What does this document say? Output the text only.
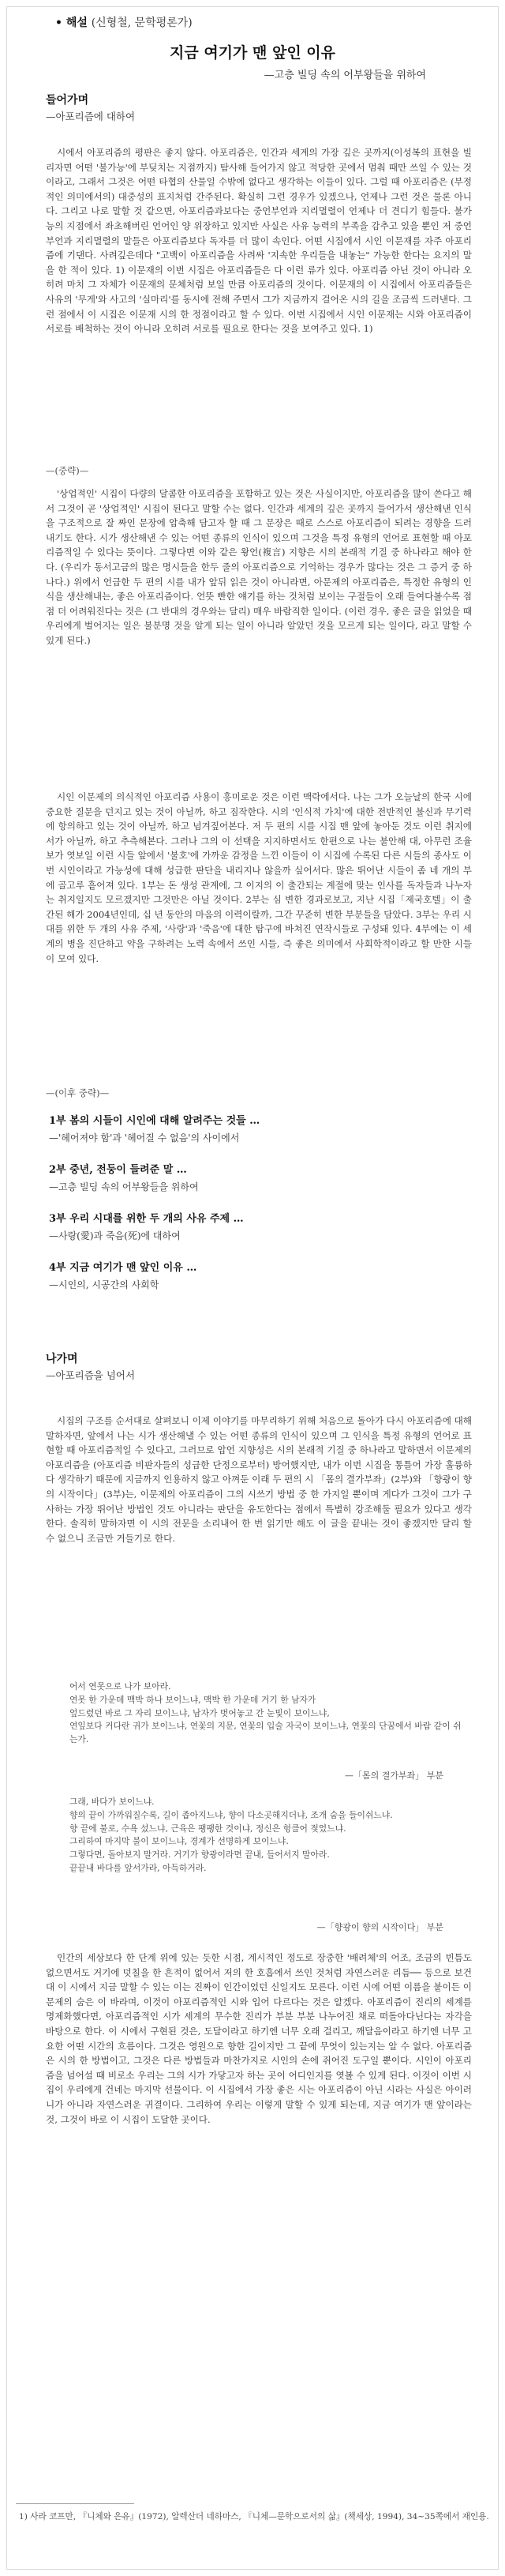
• 해설 (신형철, 문학평론가)
지금 여기가 맨 앞인 이유
—고층 빌딩 속의 어부왕들을 위하여
들어가며
—아포리즘에 대하여

시에서 아포리즘의 평판은 좋지 않다. 아포리즘은, 인간과 세계의 가장 깊은 곳까지(이성복의 표현을 빌리자면 어떤 '불가능'에 부딪치는 지점까지) 탐사해 들어가지 않고 적당한 곳에서 멈춰 때만 쓰일 수 있는 것이라고, 그래서 그것은 어떤 타협의 산물일 수밖에 없다고 생각하는 이들이 있다. 그럴 때 아포리즘은 (부정적인 의미에서의) 대중성의 표지처럼 간주된다. 확실히 그런 경우가 있겠으나, 언제나 그런 것은 물론 아니다. 그리고 나로 말할 것 같으면, 아포리즘과보다는 중언부언과 지리멸렬이 언제나 더 견디기 힘들다. 불가능의 지점에서 좌초해버린 언어인 양 위장하고 있지만 사실은 사유 능력의 부족을 감추고 있을 뿐인 저 중언부언과 지리멸렬의 말들은 아포리즘보다 독자를 더 많이 속인다. 어떤 시집에서 시인 이문재를 자주 아포리즘에 기댄다. 사려깊은데다 "고백이 아포리즘을 사려싸 '지속한 우리들을 내놓는" 가능한 한다는 요지의 말을 한 적이 있다. 1) 이문재의 이번 시집은 아포리즘들은 다 이런 류가 있다. 아포리즘 아닌 것이 아니라 오히려 마치 그 자체가 이문재의 문체처럼 보일 만큼 아포리즘의 것이다. 이문재의 이 시집에서 아포리즘들은 사유의 '무게'와 사고의 '실마리'를 동시에 전해 주면서 그가 지금까지 걸어온 시의 길을 조금씩 드러낸다. 그런 점에서 이 시집은 이문재 시의 한 정점이라고 할 수 있다. 이번 시집에서 시인 이문재는 시와 아포리즘이 서로를 배척하는 것이 아니라 오히려 서로를 필요로 한다는 것을 보여주고 있다. 1)

—(중략)—

'상업적인' 시집이 다량의 달콤한 아포리즘을 포함하고 있는 것은 사실이지만, 아포리즘을 많이 쓴다고 해서 그것이 곧 '상업적인' 시집이 된다고 말할 수는 없다. 인간과 세계의 깊은 곳까지 들어가서 생산해낸 인식을 구조적으로 잘 짜인 문장에 압축해 담고자 할 때 그 문장은 때로 스스로 아포리즘이 되려는 경향을 드러내기도 한다. 시가 생산해낸 수 있는 어떤 종류의 인식이 있으며 그것을 특정 유형의 언어로 표현할 때 아포리즘적일 수 있다는 뜻이다. 그렇다면 이와 같은 왕언(複言) 지향은 시의 본래적 기질 중 하나라고 해야 한다. (우리가 동서고금의 많은 명시들을 한두 줄의 아포리즘으로 기억하는 경우가 많다는 것은 그 증거 중 하나다.) 위에서 언급한 두 편의 시를 내가 앞뒤 읽은 것이 아니라면, 아문제의 아포리즘은, 특정한 유형의 인식을 생산해내는, 좋은 아포리즘이다. 언뜻 빤한 얘기를 하는 것처럼 보이는 구절들이 오래 들여다볼수록 점점 더 어려워진다는 것은 (그 반대의 경우와는 달리) 매우 바람직한 일이다. (이런 경우, 좋은 글을 읽었을 때 우리에게 벌어지는 일은 불분명 것을 알게 되는 일이 아니라 알았던 것을 모르게 되는 일이다, 라고 말할 수 있게 된다.)

시인 이문제의 의식적인 아포리즘 사용이 흥미로운 것은 이런 맥락에서다. 나는 그가 오늘날의 한국 시에 중요한 질문을 던지고 있는 것이 아닐까, 하고 짐작한다. 시의 '인식적 가치'에 대한 전반적인 불신과 무기력에 항의하고 있는 것이 아닐까, 하고 넘겨짚어본다. 저 두 편의 시를 시집 맨 앞에 놓아둔 것도 이런 취지에서가 아닐까, 하고 추측해본다. 그러나 그의 이 선택을 지지하면서도 한편으로 나는 불안해 대, 아무런 조율보가 엿보일 이런 시들 앞에서 '불호'에 가까운 감정을 느낀 이들이 이 시집에 수록된 다른 시들의 종사도 이번 시인이라고 가능성에 대해 성급한 판단을 내리지나 않을까 싶어서다. 많은 뛰어난 시들이 좀 네 개의 부에 골고루 흩어져 있다. 1부는 돈 생성 관계에, 그 이지의 이 출간되는 계절에 맞는 인사를 독자들과 나누자는 취지일지도 모르겠지만 그것만은 아닐 것이다. 2부는 심 변한 경과로보고, 지난 시집「제국호텔」이 출간된 해가 2004년인데, 십 년 동안의 마음의 이력이랄까, 그간 꾸준히 변한 부분들을 담았다. 3부는 우리 시대를 위한 두 개의 사유 주제, '사랑'과 '죽음'에 대한 탐구에 바쳐진 연작시들로 구성돼 있다. 4부에는 이 세계의 병을 진단하고 약을 구하려는 노력 속에서 쓰인 시들, 즉 좋은 의미에서 사회학적이라고 할 만한 시들이 모여 있다.

—(이후 중략)—
1부 봄의 시들이 시인에 대해 알려주는 것들 …
—'헤어져야 함'과 '헤어질 수 없음'의 사이에서
2부 중년, 전둥이 들려준 말 …
—고층 빌딩 속의 어부왕들을 위하여
3부 우리 시대를 위한 두 개의 사유 주제 …
—사랑(愛)과 죽음(死)에 대하여
4부 지금 여기가 맨 앞인 이유 …
—시인의, 시공간의 사회학
나가며
—아포리즘을 넘어서

시집의 구조를 순서대로 살펴보니 이제 이야기를 마무리하기 위해 처음으로 돌아가 다시 아포리즘에 대해 말하자면, 앞에서 나는 시가 생산해낼 수 있는 어떤 종류의 인식이 있으며 그 인식을 특정 유형의 언어로 표현할 때 아포리즘적일 수 있다고, 그러므로 압언 지향성은 시의 본래적 기질 중 하나라고 말하면서 이문제의 아포리즘을 (아포리즘 비판자들의 성급한 단정으로부터) 방어했지만, 내가 이번 시집을 통틀어 가장 훌륭하다 생각하기 때문에 지금까지 인용하지 않고 아껴둔 이래 두 편의 시 「몸의 결가부좌」(2부)와 「향광이 향의 시작이다」(3부)는, 이문제의 아포리즘이 그의 시쓰기 방법 중 한 가지일 뿐이며 게다가 그것이 그가 구사하는 가장 뛰어난 방법인 것도 아니라는 판단을 유도한다는 점에서 특별히 강조해둘 필요가 있다고 생각한다. 솔직히 말하자면 이 시의 전문을 소리내어 한 번 읽기만 해도 이 글을 끝내는 것이 좋겠지만 달리 할 수 없으니 조금만 거들기로 한다.

어서 연못으로 나가 보아라.
연못 한 가운데 맥박 하나 보이느냐, 맥박 한 가운데 거기 한 남자가
엎드렸던 바로 그 자리 보이느냐, 남자가 벗어놓고 간 눈빛이 보이느냐,
연잎보다 커다란 귀가 보이느냐, 연꽃의 지문, 연꽃의 입술 자국이 보이느냐, 연꽃의 단꿈에서 바람 같이 쉬는가.
—「몸의 결가부좌」 부분
그래, 바다가 보이느냐.
향의 끝이 가까워질수록, 길이 좁아지느냐, 향이 다소곳해지더냐, 조개 숨을 들이쉬느냐.
향 끝에 불로, 수욕 섰느냐, 근육은 팽팽한 것이냐, 정신은 헝클어 젖었느냐.
그리하여 마지막 불이 보이느냐, 경계가 선명하게 보이느냐.
그렇다면, 돌아보지 말거라. 거기가 향광이라면 끝내, 들어서지 말아라.
끝끝내 바다를 앞서가라, 아득하거라.
—「향광이 향의 시작이다」 부분

인간의 세상보다 한 단계 위에 있는 듯한 시점, 계시적인 정도로 장중한 '배려체'의 어조, 조금의 빈틈도 없으면서도 거기에 덧칠을 한 흔적이 없어서 저의 한 호흡에서 쓰인 것처럼 자연스러운 리듬── 등으로 보건대 이 시에서 지금 말할 수 있는 이는 진짜이 인간이었던 신일지도 모른다. 이런 시에 어떤 이름을 붙이든 이문제의 숨은 이 바라며, 이것이 아포리즘적인 시와 입어 다르다는 것은 알겠다. 아포리즘이 진리의 세계를 명제화했다면, 아포리즘적인 시가 세계의 무수한 진리가 부분 부분 나누어진 채로 떠돌아다닌다는 자각을 바탕으로 한다. 이 시에서 구현된 것은, 도달이라고 하기엔 너무 오래 걸리고, 깨달음이라고 하기엔 너무 고요한 어떤 시간의 흐름이다. 그것은 영원으로 향한 길이지만 그 끝에 무엇이 있는지는 알 수 없다. 아포리즘은 시의 한 방법이고, 그것은 다른 방법들과 마찬가지로 시인의 손에 쥐어진 도구일 뿐이다. 시인이 아포리즘을 넘어설 때 비로소 우리는 그의 시가 가닿고자 하는 곳이 어디인지를 엿볼 수 있게 된다. 이것이 이번 시집이 우리에게 건네는 마지막 선물이다. 이 시집에서 가장 좋은 시는 아포리즘이 아닌 시라는 사실은 아이러니가 아니라 자연스러운 귀결이다. 그리하여 우리는 이렇게 말할 수 있게 되는데, 지금 여기가 맨 앞이라는 것, 그것이 바로 이 시집이 도달한 곳이다.

1) 사라 코프만, 『니체와 은유』(1972), 알렉산더 네하마스, 『니체—문학으로서의 삶』(책세상, 1994), 34~35쪽에서 재인용.
